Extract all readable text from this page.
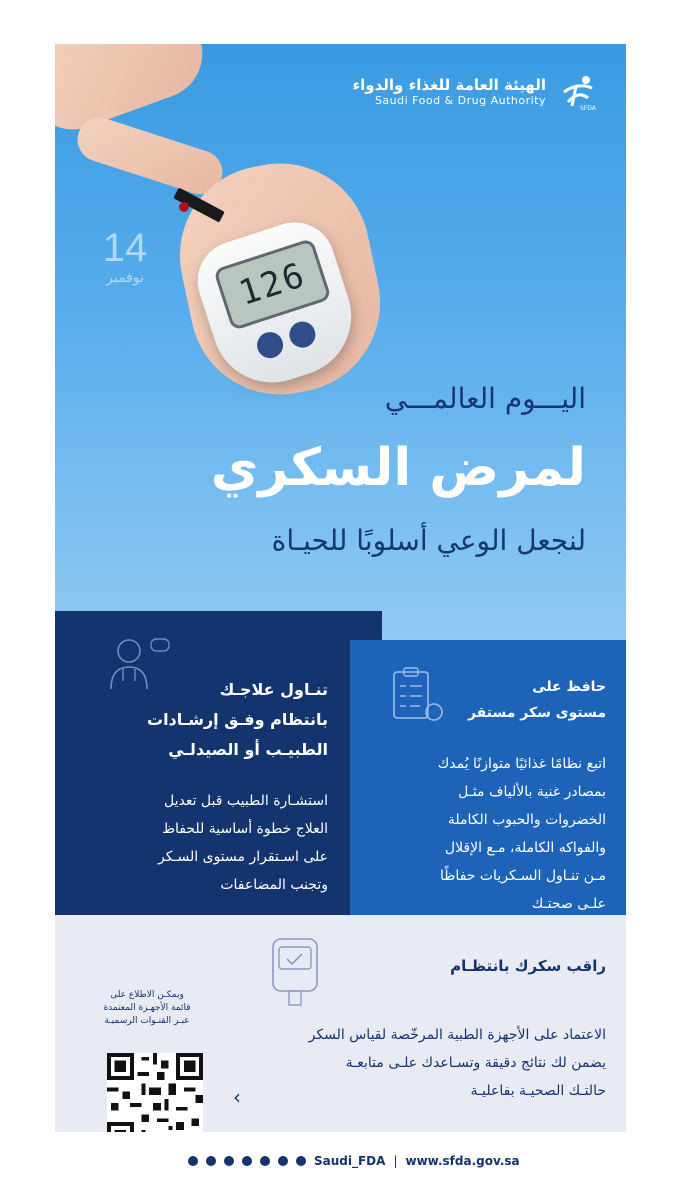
126
الهيئة العامة للغذاء والدواء
Saudi Food & Drug Authority
SFDA
14
نوفمبر
اليـــوم العالمـــي
لمرض السكري
لنجعل الوعي أسلوبًا للحيـاة
تنـاول علاجـك
بانتظام وفـق إرشـادات
الطبيـب أو الصيدلـي
استشـارة الطبيب قبل تعديل
العلاج خطوة أساسية للحفاظ
على اسـتقرار مستوى السـكر
وتجنب المضاعفات
حافظ على
مستوى سكر مستقر
اتبع نظامًا غذائيًا متوازنًا يُمدك
بمصادر غنية بالألياف مثـل
الخضروات والحبوب الكاملة
والفواكه الكاملة، مـع الإقلال
مـن تنـاول السـكريات حفاظًا
علـى صحتـك
راقب سكرك بانتظـام
الاعتماد على الأجهزة الطبية المرخّصة لقياس السكر
يضمن لك نتائج دقيقة وتسـاعدك علـى متابعـة
حالتـك الصحيـة بفاعليـة
ويمكـن الاطلاع على
قائمة الأجهـزة المعتمدة
عبـر القنـوات الرسميـة
‹
Saudi_FDA | www.sfda.gov.sa
